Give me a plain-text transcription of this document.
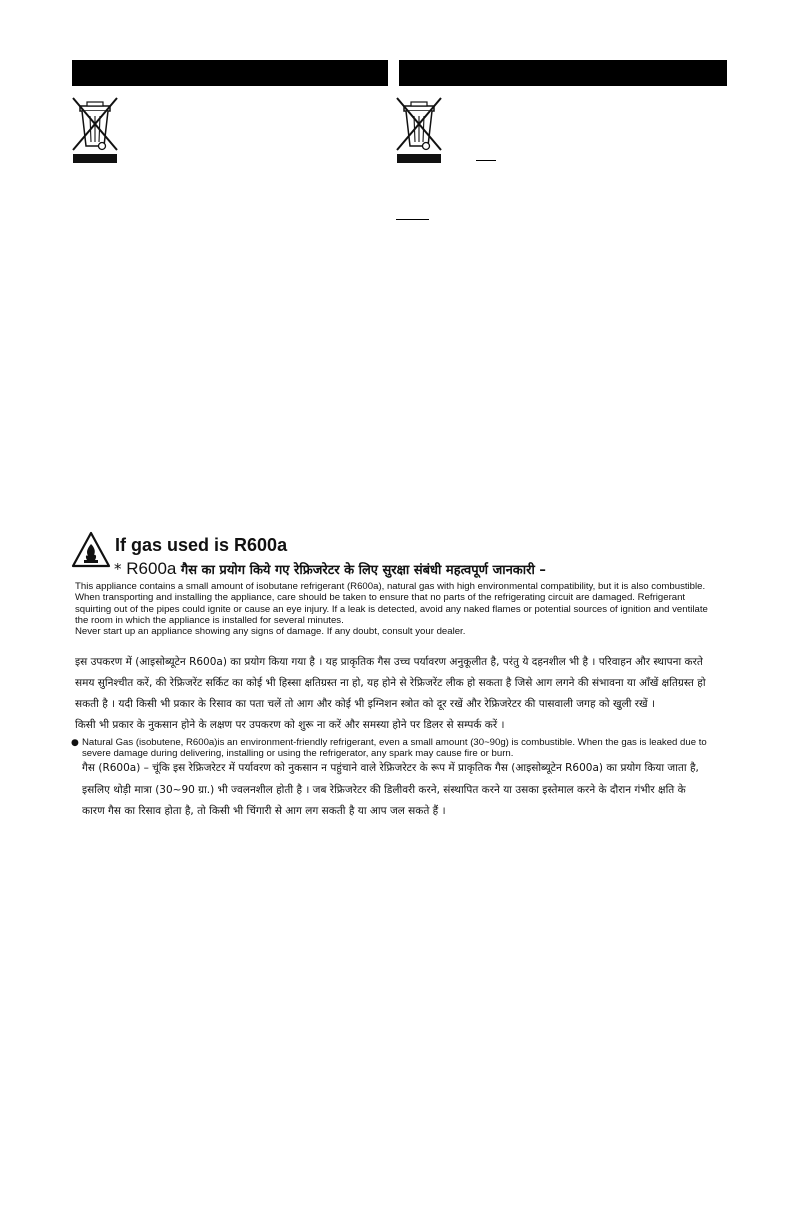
If gas used is R600a
* R600a गैस का प्रयोग किये गए रेफ्रिजरेटर के लिए सुरक्षा संबंधी महत्वपूर्ण जानकारी –
This appliance contains a small amount of isobutane refrigerant (R600a), natural gas with high environmental compatibility, but it is also combustible.
When transporting and installing the appliance, care should be taken to ensure that no parts of the refrigerating circuit are damaged. Refrigerant
squirting out of the pipes could ignite or cause an eye injury. If a leak is detected, avoid any naked flames or potential sources of ignition and ventilate
the room in which the appliance is installed for several minutes.
Never start up an appliance showing any signs of damage. If any doubt, consult your dealer.
इस उपकरण में (आइसोब्यूटेन R600a) का प्रयोग किया गया है । यह प्राकृतिक गैस उच्च पर्यावरण अनुकूलीत है, परंतु ये दहनशील भी है । परिवाहन और स्थापना करते
समय सुनिश्चीत करें, की रेफ्रिजरेंट सर्किट का कोई भी हिस्सा क्षतिग्रस्त ना हो, यह होने से रेफ्रिजरेंट लीक हो सकता है जिसे आग लगने की संभावना या आँखें क्षतिग्रस्त हो
सकती है । यदी किसी भी प्रकार के रिसाव का पता चलें तो आग और कोई भी इग्निशन स्त्रोत को दूर रखें और रेफ्रिजरेटर की पासवाली जगह को खुली रखें ।
किसी भी प्रकार के नुकसान होने के लक्षण पर उपकरण को शुरू ना करें और समस्या होने पर डिलर से सम्पर्क करें ।
● Natural Gas (isobutene, R600a)is an environment-friendly refrigerant, even a small amount (30~90g) is combustible. When the gas is leaked due to
severe damage during delivering, installing or using the refrigerator, any spark may cause fire or burn.
गैस (R600a) – चूंकि इस रेफ्रिजरेटर में पर्यावरण को नुकसान न पहुंचाने वाले रेफ्रिजरेटर के रूप में प्राकृतिक गैस (आइसोब्यूटेन R600a) का प्रयोग किया जाता है,
इसलिए थोड़ी मात्रा (30~90 ग्रा.) भी ज्वलनशील होती है । जब रेफ्रिजरेटर की डिलीवरी करने, संस्थापित करने या उसका इस्तेमाल करने के दौरान गंभीर क्षति के
कारण गैस का रिसाव होता है, तो किसी भी चिंगारी से आग लग सकती है या आप जल सकते हैं ।
